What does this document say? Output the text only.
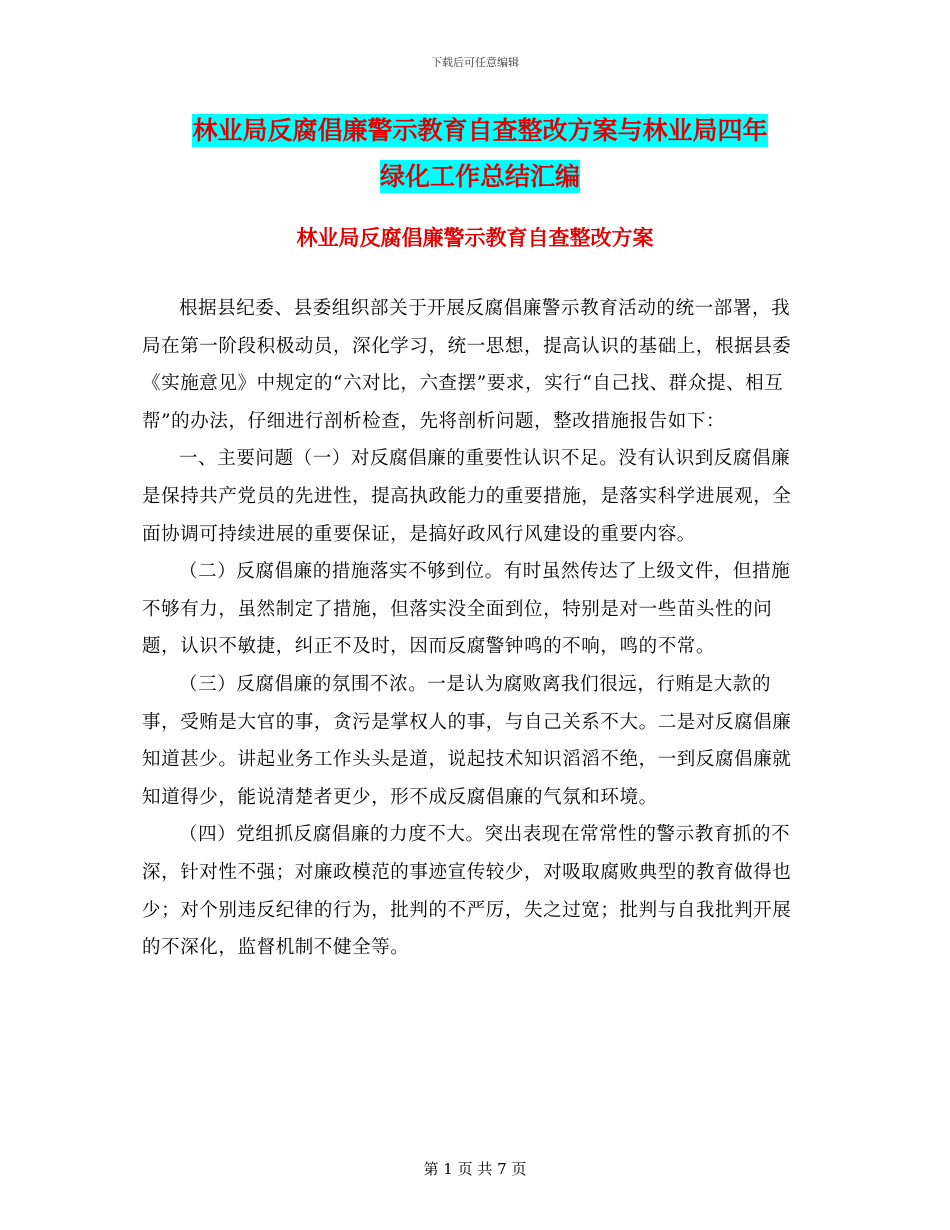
下载后可任意编辑
林业局反腐倡廉警示教育自查整改方案与林业局四年
绿化工作总结汇编
林业局反腐倡廉警示教育自查整改方案

根据县纪委、县委组织部关于开展反腐倡廉警示教育活动的统一部署，我局在第一阶段积极动员，深化学习，统一思想，提高认识的基础上，根据县委《实施意见》中规定的“六对比，六查摆”要求，实行“自己找、群众提、相互帮”的办法，仔细进行剖析检查，先将剖析问题，整改措施报告如下：

一、主要问题（一）对反腐倡廉的重要性认识不足。没有认识到反腐倡廉是保持共产党员的先进性，提高执政能力的重要措施，是落实科学进展观，全面协调可持续进展的重要保证，是搞好政风行风建设的重要内容。

（二）反腐倡廉的措施落实不够到位。有时虽然传达了上级文件，但措施不够有力，虽然制定了措施，但落实没全面到位，特别是对一些苗头性的问题，认识不敏捷，纠正不及时，因而反腐警钟鸣的不响，鸣的不常。

（三）反腐倡廉的氛围不浓。一是认为腐败离我们很远，行贿是大款的事，受贿是大官的事，贪污是掌权人的事，与自己关系不大。二是对反腐倡廉知道甚少。讲起业务工作头头是道，说起技术知识滔滔不绝，一到反腐倡廉就知道得少，能说清楚者更少，形不成反腐倡廉的气氛和环境。

（四）党组抓反腐倡廉的力度不大。突出表现在常常性的警示教育抓的不深，针对性不强；对廉政模范的事迹宣传较少，对吸取腐败典型的教育做得也少；对个别违反纪律的行为，批判的不严厉，失之过宽；批判与自我批判开展的不深化，监督机制不健全等。

第 1 页 共 7 页
